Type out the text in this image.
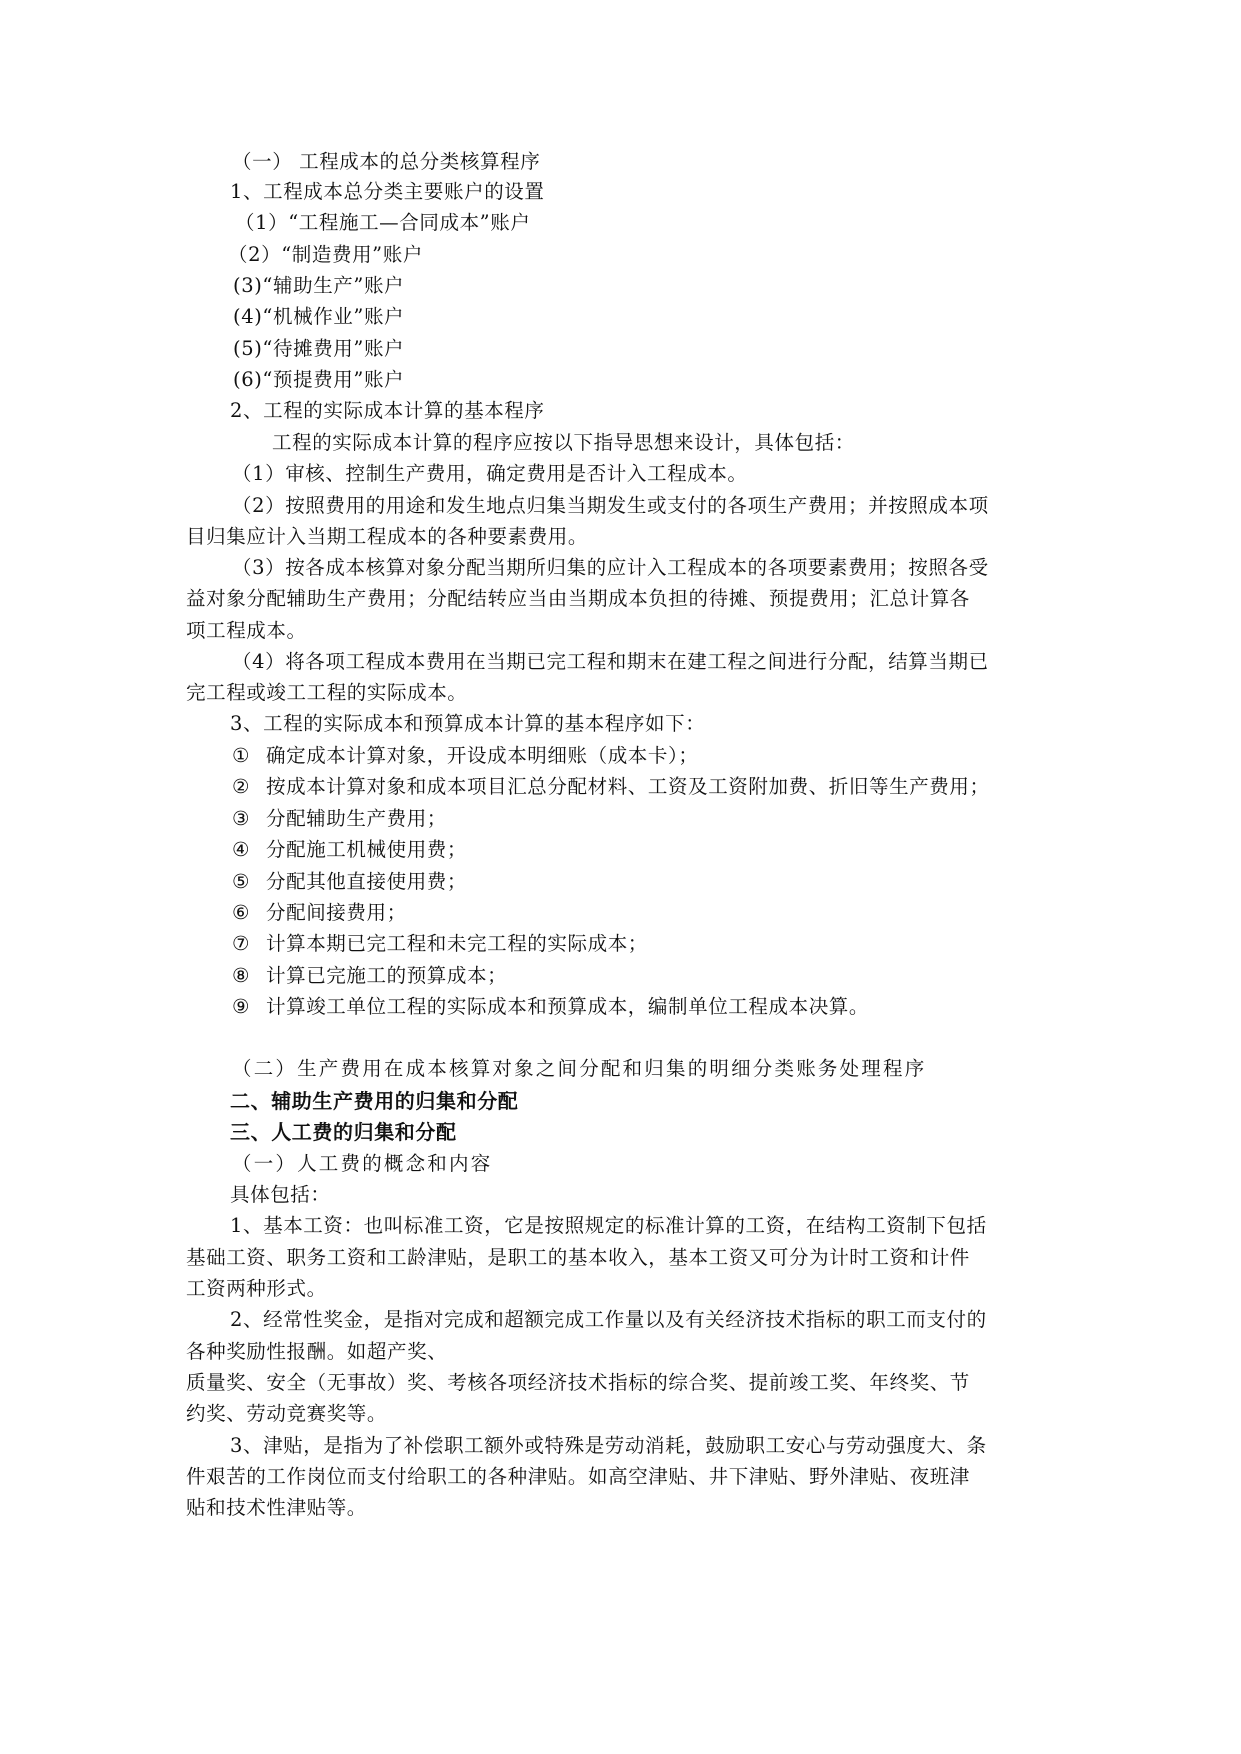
（一） 工程成本的总分类核算程序
1、工程成本总分类主要账户的设置
（1）“工程施工—合同成本”账户
（2）“制造费用”账户
(3)“辅助生产”账户
(4)“机械作业”账户
(5)“待摊费用”账户
(6)“预提费用”账户
2、工程的实际成本计算的基本程序
工程的实际成本计算的程序应按以下指导思想来设计，具体包括：
（1）审核、控制生产费用，确定费用是否计入工程成本。
（2）按照费用的用途和发生地点归集当期发生或支付的各项生产费用；并按照成本项
目归集应计入当期工程成本的各种要素费用。
（3）按各成本核算对象分配当期所归集的应计入工程成本的各项要素费用；按照各受
益对象分配辅助生产费用；分配结转应当由当期成本负担的待摊、预提费用；汇总计算各
项工程成本。
（4）将各项工程成本费用在当期已完工程和期末在建工程之间进行分配，结算当期已
完工程或竣工工程的实际成本。
3、工程的实际成本和预算成本计算的基本程序如下：
① 确定成本计算对象，开设成本明细账（成本卡）；
② 按成本计算对象和成本项目汇总分配材料、工资及工资附加费、折旧等生产费用；
③ 分配辅助生产费用；
④ 分配施工机械使用费；
⑤ 分配其他直接使用费；
⑥ 分配间接费用；
⑦ 计算本期已完工程和未完工程的实际成本；
⑧ 计算已完施工的预算成本；
⑨ 计算竣工单位工程的实际成本和预算成本，编制单位工程成本决算。
（二）生产费用在成本核算对象之间分配和归集的明细分类账务处理程序
二、辅助生产费用的归集和分配
三、人工费的归集和分配
（一）人工费的概念和内容
具体包括：
1、基本工资：也叫标准工资，它是按照规定的标准计算的工资，在结构工资制下包括
基础工资、职务工资和工龄津贴，是职工的基本收入，基本工资又可分为计时工资和计件
工资两种形式。
2、经常性奖金，是指对完成和超额完成工作量以及有关经济技术指标的职工而支付的
各种奖励性报酬。如超产奖、
质量奖、安全（无事故）奖、考核各项经济技术指标的综合奖、提前竣工奖、年终奖、节
约奖、劳动竞赛奖等。
3、津贴，是指为了补偿职工额外或特殊是劳动消耗，鼓励职工安心与劳动强度大、条
件艰苦的工作岗位而支付给职工的各种津贴。如高空津贴、井下津贴、野外津贴、夜班津
贴和技术性津贴等。
